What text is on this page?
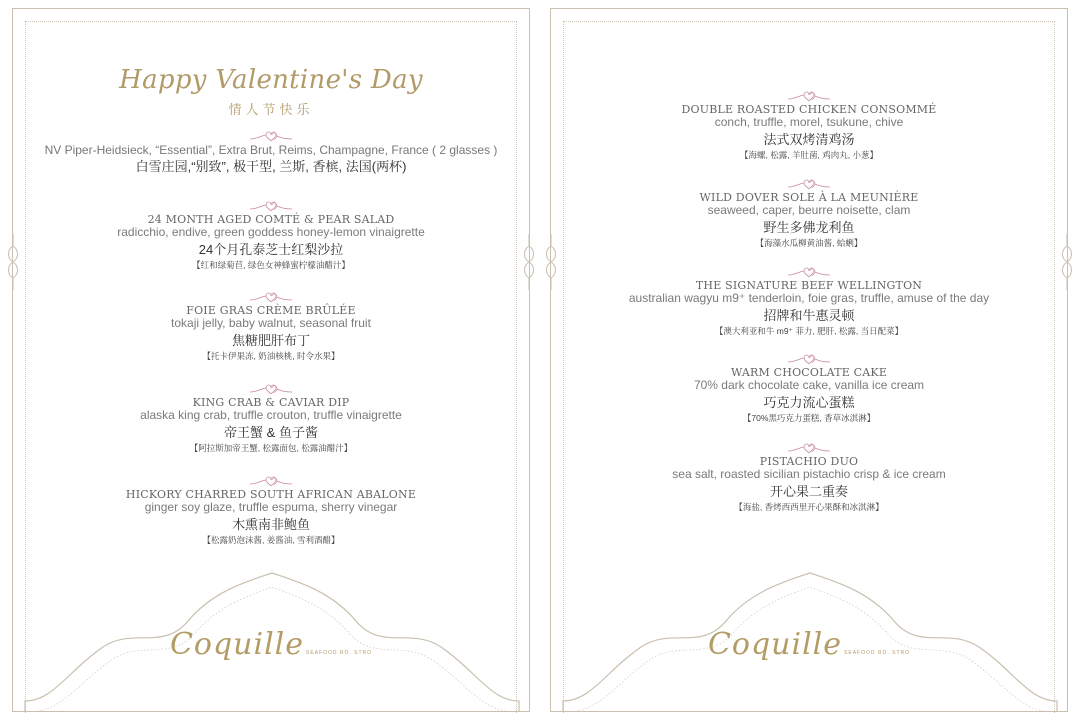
Happy Valentine's Day
情人节快乐
NV Piper-Heidsieck, “Essential”, Extra Brut, Reims, Champagne, France ( 2 glasses )
白雪庄园,“别致”, 极干型, 兰斯, 香槟, 法国(两杯)
24 MONTH AGED COMTÉ & PEAR SALAD
radicchio, endive, green goddess honey-lemon vinaigrette
24个月孔泰芝士红梨沙拉
【红和绿菊苣, 绿色女神蜂蜜柠檬油醋汁】
FOIE GRAS CRÈME BRÛLÉE
tokaji jelly, baby walnut, seasonal fruit
焦糖肥肝布丁
【托卡伊果冻, 奶油核桃, 时令水果】
KING CRAB & CAVIAR DIP
alaska king crab, truffle crouton, truffle vinaigrette
帝王蟹 & 鱼子酱
【阿拉斯加帝王蟹, 松露面包, 松露油醋汁】
HICKORY CHARRED SOUTH AFRICAN ABALONE
ginger soy glaze, truffle espuma, sherry vinegar
木熏南非鲍鱼
【松露奶泡沫酱, 姜酱油, 雪利酒醋】
Coquille SEAFOOD RO. STRO
DOUBLE ROASTED CHICKEN CONSOMMÉ
conch, truffle, morel, tsukune, chive
法式双烤清鸡汤
【海螺, 松露, 羊肚菌, 鸡肉丸, 小葱】
WILD DOVER SOLE À LA MEUNIÈRE
seaweed, caper, beurre noisette, clam
野生多佛龙利鱼
【海藻水瓜柳黄油酱, 蛤蜊】
THE SIGNATURE BEEF WELLINGTON
australian wagyu m9⁺ tenderloin, foie gras, truffle, amuse of the day
招牌和牛惠灵顿
【澳大利亚和牛 m9⁺ 菲力, 肥肝, 松露, 当日配菜】
WARM CHOCOLATE CAKE
70% dark chocolate cake, vanilla ice cream
巧克力流心蛋糕
【70%黑巧克力蛋糕, 香草冰淇淋】
PISTACHIO DUO
sea salt, roasted sicilian pistachio crisp & ice cream
开心果二重奏
【海盐, 香烤西西里开心果酥和冰淇淋】
Coquille SEAFOOD RO. STRO
